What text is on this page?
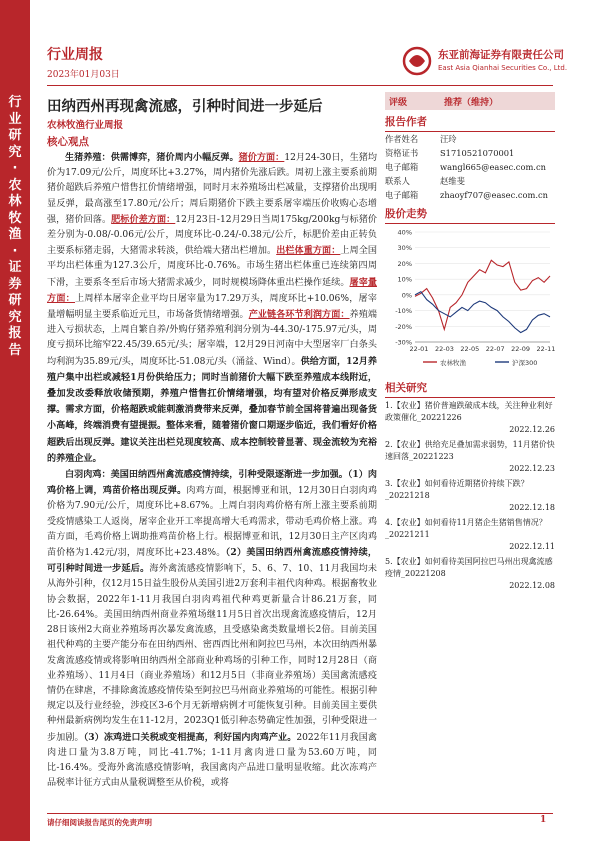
行业研究·农林牧渔·证券研究报告
行业周报
2023年01月03日
东亚前海证券有限责任公司
East Asia Qianhai Securities Co., Ltd.
田纳西州再现禽流感，引种时间进一步延后
农林牧渔行业周报
核心观点

生猪养殖：供需博弈，猪价周内小幅反弹。猪价方面：12月24-30日，生猪均价为17.09元/公斤，周度环比+3.27%，周内猪价先涨后跌。周初上涨主要系前期猪价超跌后养殖户惜售扛价情绪增强，同时月末养殖场出栏减量，支撑猪价出现明显反弹，最高涨至17.80元/公斤；周后期猪价下跌主要系屠宰端压价收购心态增强，猪价回落。肥标价差方面：12月23日-12月29日当周175kg/200kg与标猪价差分别为-0.08/-0.06元/公斤，周度环比-0.24/-0.38元/公斤，标肥价差由正转负主要系标猪走弱，大猪需求转淡，供给端大猪出栏增加。出栏体重方面：上周全国平均出栏体重为127.3公斤，周度环比-0.76%。市场生猪出栏体重已连续第四周下滑，主要系冬至后市场大猪需求减少，同时规模场降体重出栏操作延续。屠宰量方面：上周样本屠宰企业平均日屠宰量为17.29万头，周度环比+10.06%，屠宰量增幅明显主要系临近元旦，市场备货情绪增强。产业链各环节利润方面：养殖端进入亏损状态，上周自繁自养/外购仔猪养殖利润分别为-44.30/-175.97元/头，周度亏损环比缩窄22.45/39.65元/头；屠宰端，12月29日河南中大型屠宰厂白条头均利润为35.89元/头，周度环比-51.08元/头（涌益、Wind）。供给方面，12月养殖户集中出栏或减轻1月份供给压力；同时当前猪价大幅下跌至养殖成本线附近，叠加发改委释放收储预期，养殖户惜售扛价情绪增强，均有望对价格反弹形成支撑。需求方面，价格超跌或能刺激消费带来反弹，叠加春节前全国将普遍出现备货小高峰，终端消费有望提振。整体来看，随着猪价窗口期逐步临近，我们看好价格超跌后出现反弹。建议关注出栏兑现度较高、成本控制较普显著、现金流较为充裕的养殖企业。

白羽肉鸡：美国田纳西州禽流感疫情持续，引种受限逐渐进一步加强。（1）肉鸡价格上调，鸡苗价格出现反弹。肉鸡方面，根据博亚和讯，12月30日白羽肉鸡价格为7.90元/公斤，周度环比+8.67%。上周白羽肉鸡价格有所上涨主要系前期受疫情感染工人返岗，屠宰企业开工率提高增大毛鸡需求，带动毛鸡价格上涨。鸡苗方面，毛鸡价格上调助推鸡苗价格上行。根据博亚和讯，12月30日主产区肉鸡苗价格为1.42元/羽，周度环比+23.48%。（2）美国田纳西州禽流感疫情持续，可引种时间进一步延后。海外禽流感疫情影响下，5、6、7、10、11月我国均未从海外引种，仅12月15日益生股份从美国引进2万套利丰祖代肉种鸡。根据畜牧业协会数据，2022年1-11月我国白羽肉鸡祖代种鸡更新量合计86.21万套，同比-26.64%。美国田纳西州商业养殖场继11月5日首次出现禽流感疫情后，12月28日该州2大商业养殖场再次暴发禽流感，且受感染禽类数量增长2倍。目前美国祖代种鸡的主要产能分布在田纳西州、密西西比州和阿拉巴马州，本次田纳西州暴发禽流感疫情或将影响田纳西州全部商业种鸡场的引种工作，同时12月28日（商业养殖场）、11月4日（商业养殖场）和12月5日（非商业养殖场）美国禽流感疫情仍在肆虐，不排除禽流感疫情传染至阿拉巴马州商业养殖场的可能性。根据引种规定以及行业经验，涉疫区3-6个月无新增病例才可能恢复引种。目前美国主要供种州最新病例均发生在11-12月，2023Q1低引种态势确定性加强，引种受限进一步加剧。（3）冻鸡进口关税或变相提高，利好国内肉鸡产业。2022年11月我国禽肉进口量为3.8万吨，同比-41.7%；1-11月禽肉进口量为53.60万吨，同比-16.4%。受海外禽流感疫情影响，我国禽肉产品进口量明显收缩。此次冻鸡产品税率计征方式由从量税调整至从价税，或将

评级	推荐（维持）
报告作者
作者姓名	汪玲
资格证书	S1710521070001
电子邮箱	wangl665@easec.com.cn
联系人	赵维斐
电子邮箱	zhaoyf707@easec.com.cn
股价走势
40%
30%
20%
10%
0%
-10%
-20%
-30%
22-01 22-03 22-05 22-07 22-09 22-11
农林牧渔	沪深300
相关研究
1.【农业】猪价普遍跌破成本线，关注种业利好政策催化_20221226
2022.12.26
2.【农业】供给充足叠加需求弱势，11月猪价快速回落_20221223
2022.12.23
3.【农业】如何看待近期猪价持续下跌？_20221218
2022.12.18
4.【农业】如何看待11月猪企生猪销售情况？_20221211
2022.12.11
5.【农业】如何看待美国阿拉巴马州出现禽流感疫情_20221208
2022.12.08
请仔细阅读报告尾页的免责声明	1
